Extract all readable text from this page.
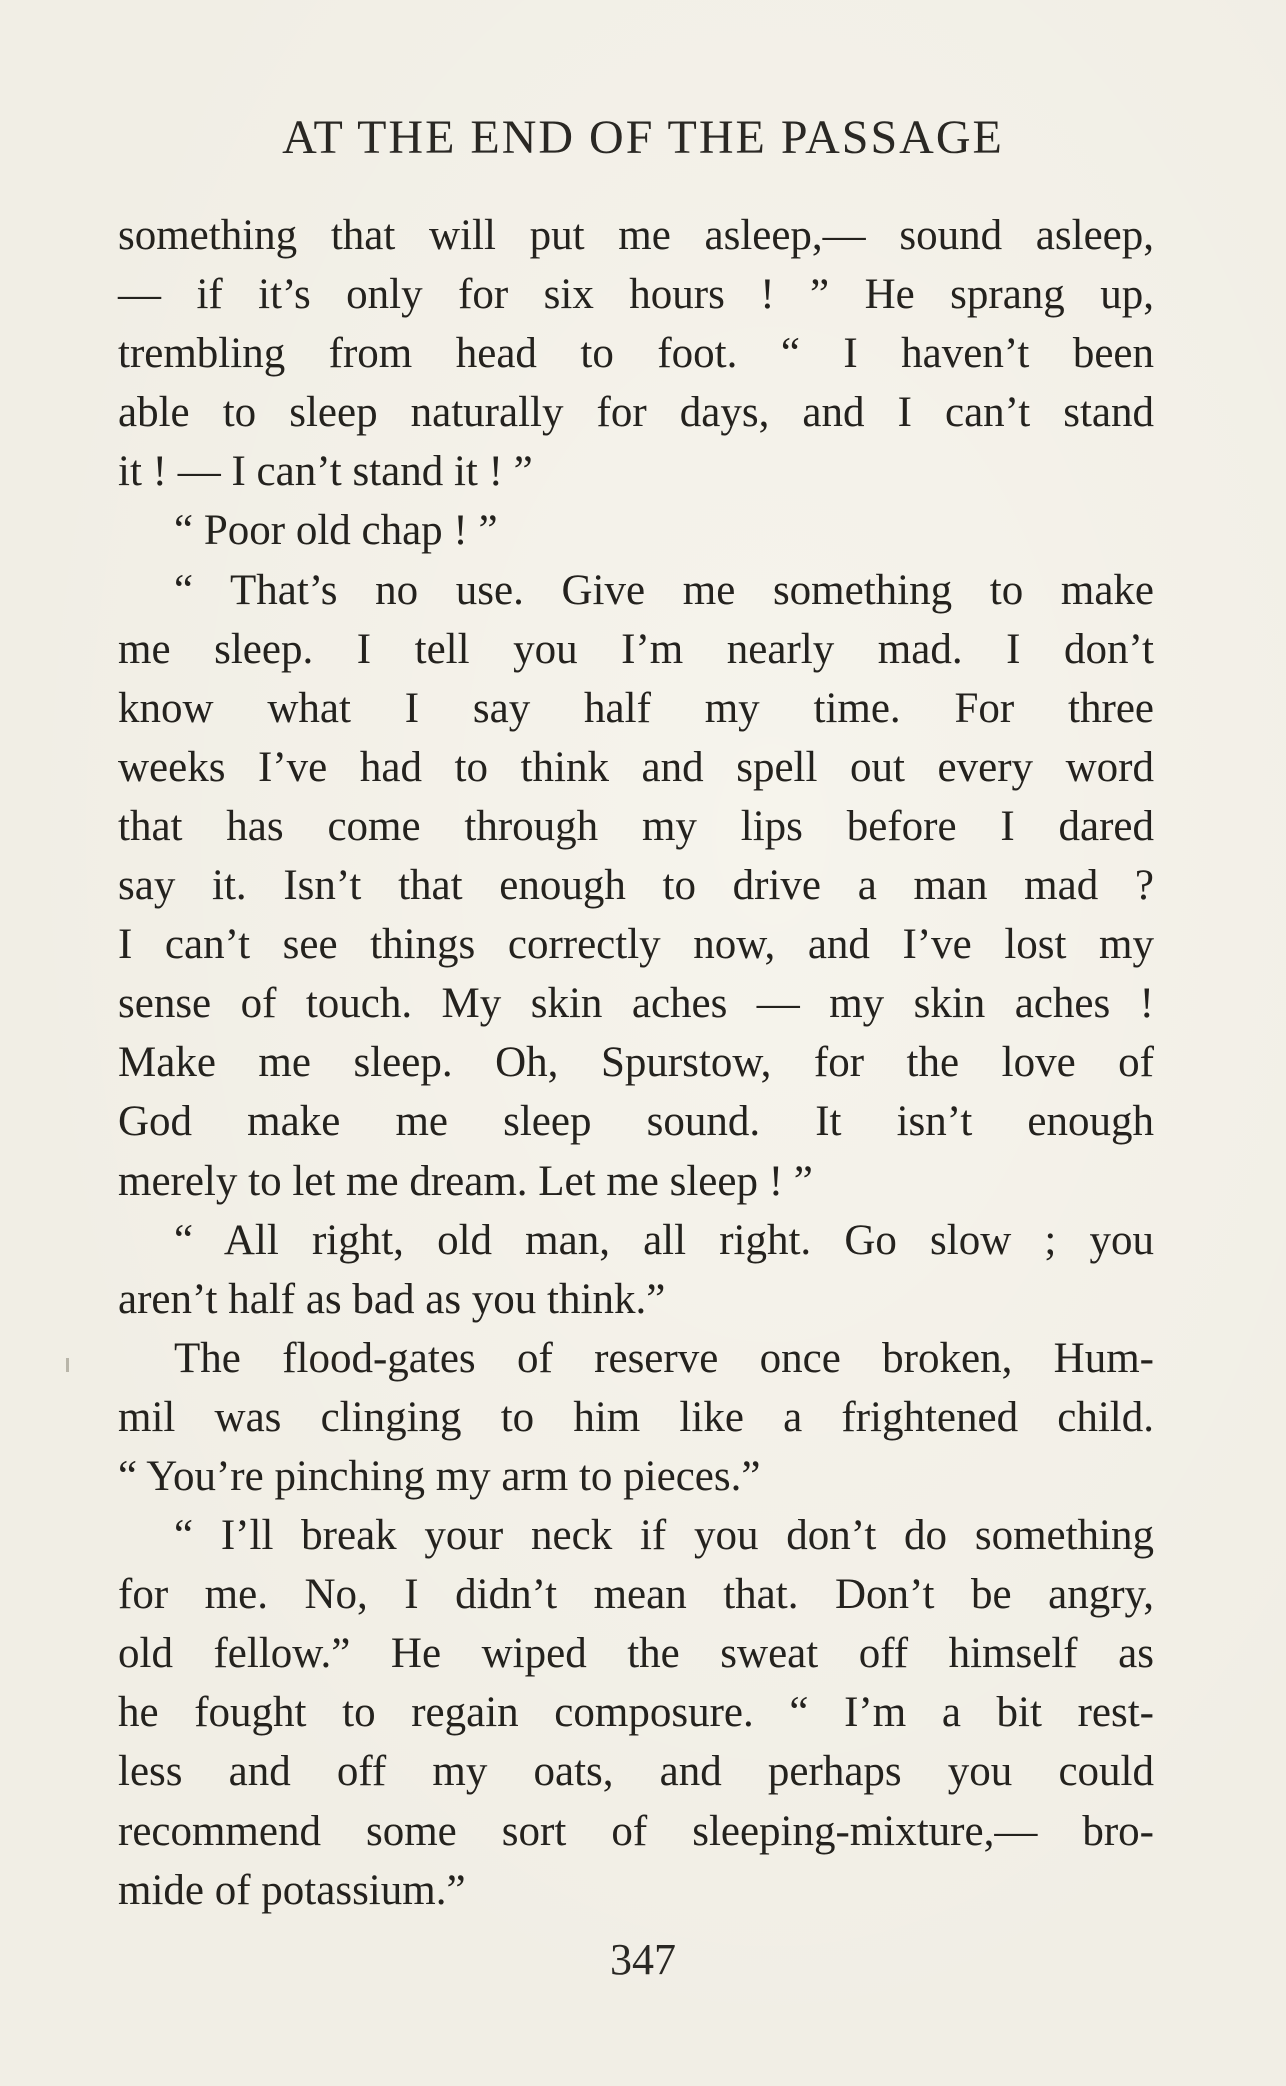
AT THE END OF THE PASSAGE
something that will put me asleep,— sound asleep,
— if it’s only for six hours ! ” He sprang up,
trembling from head to foot. “ I haven’t been
able to sleep naturally for days, and I can’t stand
it ! — I can’t stand it ! ”
“ Poor old chap ! ”
“ That’s no use. Give me something to make
me sleep. I tell you I’m nearly mad. I don’t
know what I say half my time. For three
weeks I’ve had to think and spell out every word
that has come through my lips before I dared
say it. Isn’t that enough to drive a man mad ?
I can’t see things correctly now, and I’ve lost my
sense of touch. My skin aches — my skin aches !
Make me sleep. Oh, Spurstow, for the love of
God make me sleep sound. It isn’t enough
merely to let me dream. Let me sleep ! ”
“ All right, old man, all right. Go slow ; you
aren’t half as bad as you think.”
The flood-gates of reserve once broken, Hum-
mil was clinging to him like a frightened child.
“ You’re pinching my arm to pieces.”
“ I’ll break your neck if you don’t do something
for me. No, I didn’t mean that. Don’t be angry,
old fellow.” He wiped the sweat off himself as
he fought to regain composure. “ I’m a bit rest-
less and off my oats, and perhaps you could
recommend some sort of sleeping-mixture,— bro-
mide of potassium.”
347
